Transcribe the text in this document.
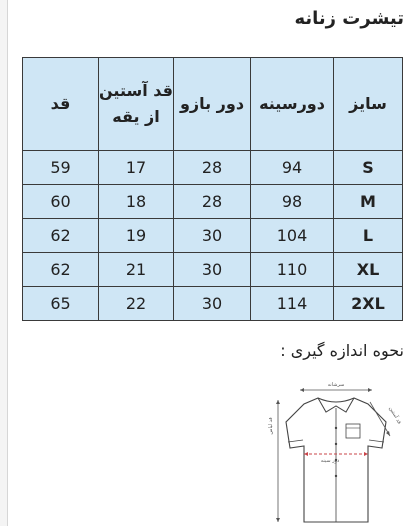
تیشرت زنانه
سایز	دورسینه	دور بازو	قد آستین از یقه	قد
S	94	28	17	59
M	98	28	18	60
L	104	30	19	62
XL	110	30	21	62
2XL	114	30	22	65
نحوه اندازه گیری :
سرشانه
دور سینه
قد لباس
قد آستین
